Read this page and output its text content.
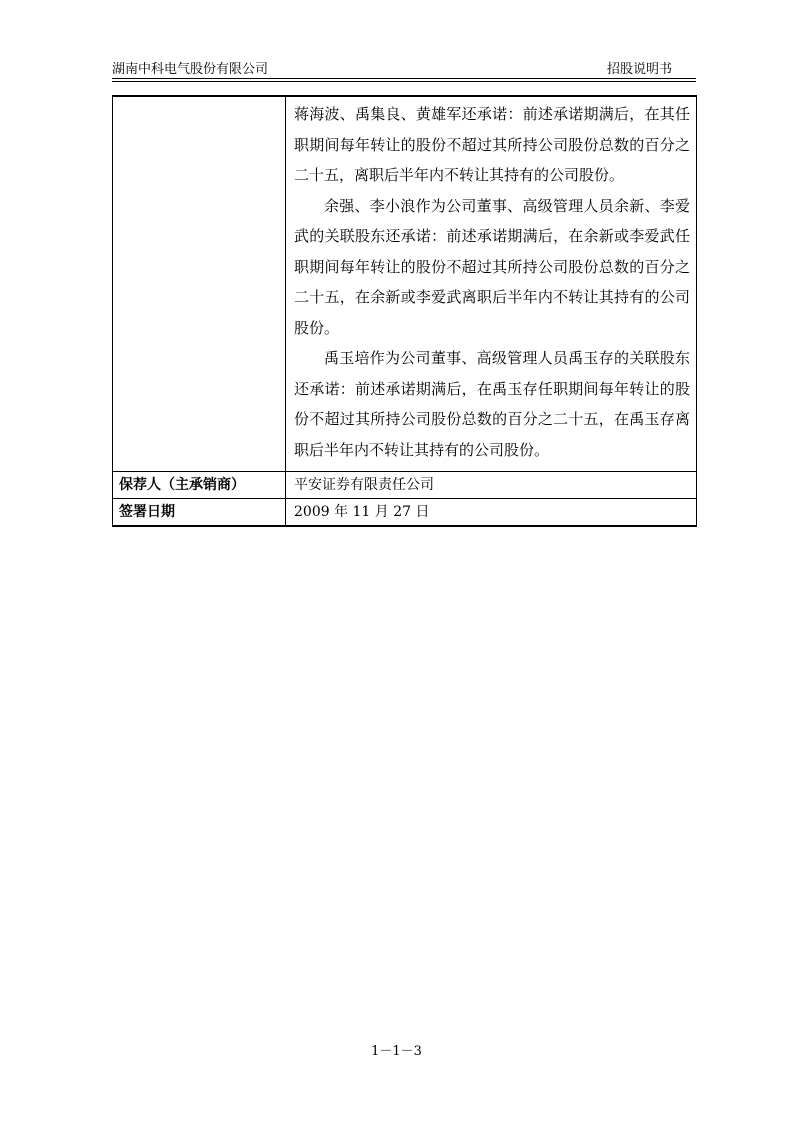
湖南中科电气股份有限公司	招股说明书

	蒋海波、禹集良、黄雄军还承诺：前述承诺期满后，在其任职期间每年转让的股份不超过其所持公司股份总数的百分之二十五，离职后半年内不转让其持有的公司股份。

余强、李小浪作为公司董事、高级管理人员余新、李爱武的关联股东还承诺：前述承诺期满后，在余新或李爱武任职期间每年转让的股份不超过其所持公司股份总数的百分之二十五，在余新或李爱武离职后半年内不转让其持有的公司股份。

禹玉培作为公司董事、高级管理人员禹玉存的关联股东还承诺：前述承诺期满后，在禹玉存任职期间每年转让的股份不超过其所持公司股份总数的百分之二十五，在禹玉存离职后半年内不转让其持有的公司股份。

保荐人（主承销商）	平安证券有限责任公司
签署日期	2009 年 11 月 27 日
1－1－3
